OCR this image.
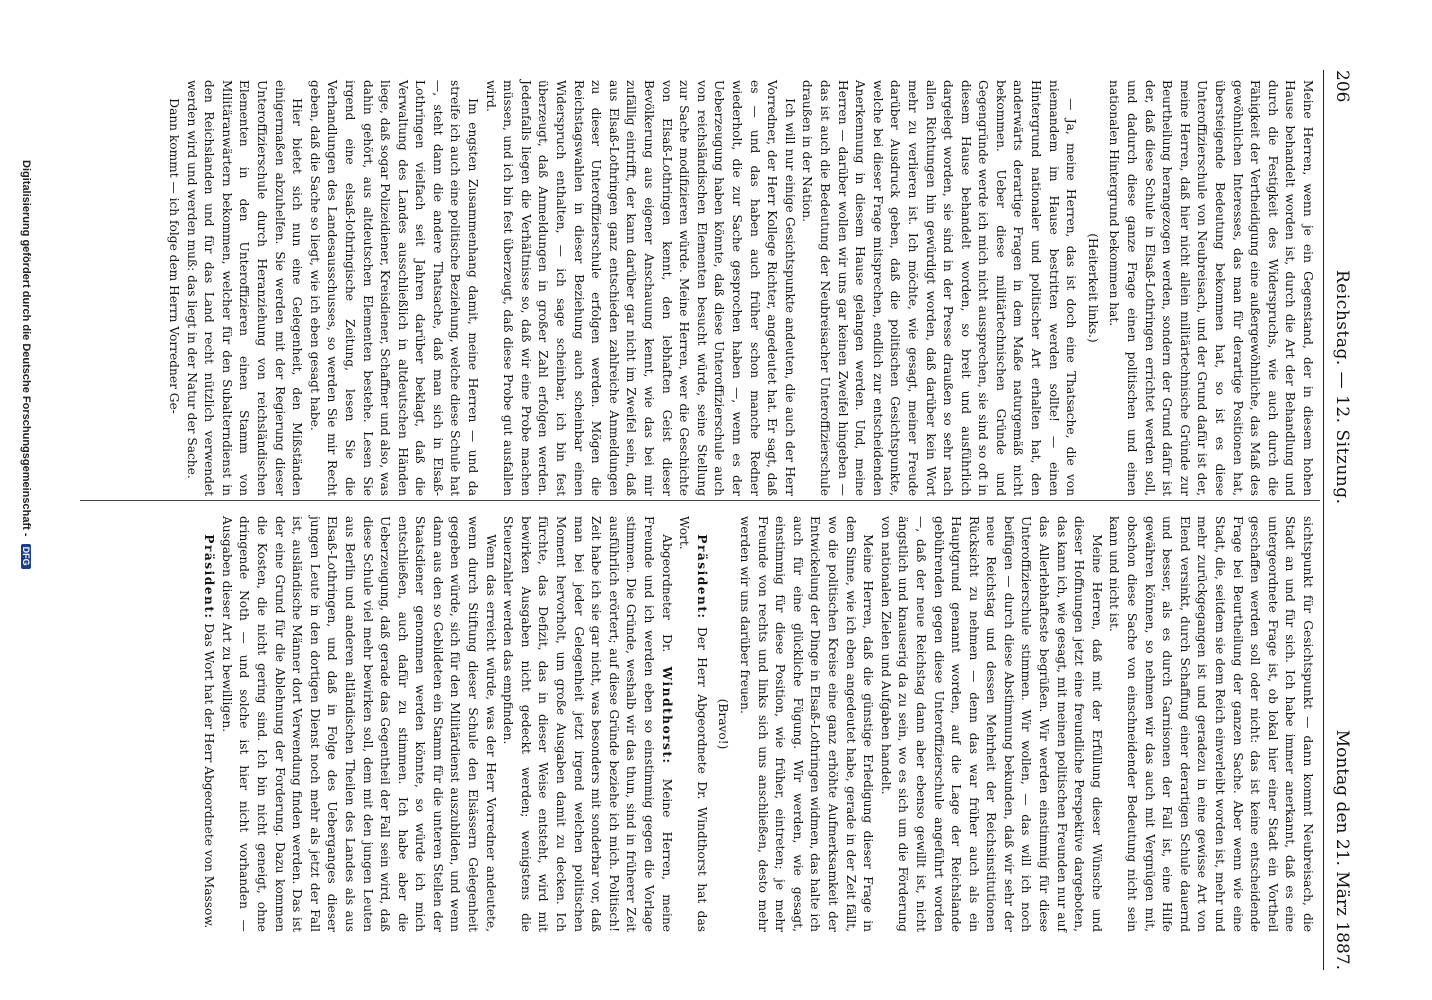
206
Reichstag. — 12. Sitzung.
Montag den 21. März 1887.

Meine Herren, wenn je ein Gegenstand, der in diesem hohen Hause behandelt worden ist, durch die Art der Behandlung und durch die Festigkeit des Widerspruchs, wie auch durch die Fähigkeit der Vertheidigung eine außergewöhnliche, das Maß des gewöhnlichen Interesses, das man für derartige Positionen hat, übersteigende Bedeutung bekommen hat, so ist es diese Unteroffizierschule von Neubreisach, und der Grund dafür ist der, meine Herren, daß hier nicht allein militärtechnische Gründe zur Beurtheilung herangezogen werden, sondern der Grund dafür ist der, daß diese Schule in Elsaß-Lothringen errichtet werden soll, und dadurch diese ganze Frage einen politischen und einen nationalen Hintergrund bekommen hat.

(Heiterkeit links.)

— Ja, meine Herren, das ist doch eine Thatsache, die von niemandem im Hause bestritten werden sollte! — einen Hintergrund nationaler und politischer Art erhalten hat, den anderwärts derartige Fragen in dem Maße naturgemäß nicht bekommen. Ueber diese militärtechnischen Gründe und Gegengründe werde ich mich nicht aussprechen, sie sind so oft in diesem Hause behandelt worden, so breit und ausführlich dargelegt worden, sie sind in der Presse draußen so sehr nach allen Richtungen hin gewürdigt worden, daß darüber kein Wort mehr zu verlieren ist. Ich möchte, wie gesagt, meiner Freude darüber Ausdruck geben, daß die politischen Gesichtspunkte, welche bei dieser Frage mitsprechen, endlich zur entscheidenden Anerkennung in diesem Hause gelangen werden. Und, meine Herren — darüber wollen wir uns gar keinen Zweifel hingeben — das ist auch die Bedeutung der Neubreisacher Unteroffizierschule draußen in der Nation.

Ich will nur einige Gesichtspunkte andeuten, die auch der Herr Vorredner, der Herr Kollege Richter, angedeutet hat. Er sagt, daß es — und das haben auch früher schon manche Redner wiederholt, die zur Sache gesprochen haben —, wenn es der Ueberzeugung haben könnte, daß diese Unteroffizierschule auch von reichsländischen Elementen besucht würde, seine Stellung zur Sache modifizieren würde. Meine Herren, wer die Geschichte von Elsaß-Lothringen kennt, den lebhaften Geist dieser Bevölkerung aus eigener Anschauung kennt, wie das bei mir zufällig eintrifft, der kann darüber gar nicht im Zweifel sein, daß aus Elsaß-Lothringen ganz entschieden zahlreiche Anmeldungen zu dieser Unteroffizierschule erfolgen werden. Mögen die Reichstagswahlen in dieser Beziehung auch scheinbar einen Widerspruch enthalten, — ich sage scheinbar, ich bin fest überzeugt, daß Anmeldungen in großer Zahl erfolgen werden. Jedenfalls liegen die Verhältnisse so, daß wir eine Probe machen müssen, und ich bin fest überzeugt, daß diese Probe gut ausfallen wird.

Im engsten Zusammenhang damit, meine Herren — und da streife ich auch eine politische Beziehung, welche diese Schule hat —, steht dann die andere Thatsache, daß man sich in Elsaß-Lothringen vielfach seit Jahren darüber beklagt, daß die Verwaltung des Landes ausschließlich in altdeutschen Händen liege, daß sogar Polizeidiener, Kreisdiener, Schaffner und also, was dahin gehört, aus altdeutschen Elementen bestehe. Lesen Sie irgend eine elsaß-lothringische Zeitung, lesen Sie die Verhandlungen des Landesausschusses, so werden Sie mir Recht geben, daß die Sache so liegt, wie ich eben gesagt habe.

Hier bietet sich nun eine Gelegenheit, den Mißständen einigermaßen abzuhelfen. Sie werden mit der Regierung dieser Unteroffizierschule durch Heranziehung von reichsländischen Elementen in den Unteroffizieren einen Stamm von Militäranwärtern bekommen, welcher für den Subalterndienst in den Reichslanden und für das Land recht nützlich verwendet werden wird und werden muß: das liegt in der Natur der Sache.

Dann kommt — ich folge dem Herrn Vorredner Ge-

sichtspunkt für Gesichtspunkt — dann kommt Neubreisach, die Stadt an und für sich. Ich habe immer anerkannt, daß es eine untergeordnete Frage ist, ob lokal hier einer Stadt ein Vortheil geschaffen werden soll oder nicht: das ist keine entscheidende Frage bei Beurtheilung der ganzen Sache. Aber wenn wie eine Stadt, die, seitdem sie dem Reich einverleibt worden ist, mehr und mehr zurückgegangen ist und geradezu in eine gewisse Art von Elend versinkt, durch Schaffung einer derartigen Schule dauernd und besser, als es durch Garnisonen der Fall ist, eine Hilfe gewähren können, so nehmen wir das auch mit Vergnügen mit, obschon diese Sache von einschneidender Bedeutung nicht sein kann und nicht ist.

Meine Herren, daß mit der Erfüllung dieser Wünsche und dieser Hoffnungen jetzt eine freundliche Perspektive dargeboten, das kann ich, wie gesagt, mit meinen politischen Freunden nur auf das Allerlebhafteste begrüßen. Wir werden einstimmig für diese Unteroffizierschule stimmen. Wir wollen, — das will ich noch beifügen — durch diese Abstimmung bekunden, daß wir sehr der neue Reichstag und dessen Mehrheit der Reichsinstitutionen Rücksicht zu nehmen — denn das war früher auch als ein Hauptgrund genannt worden, auf die Lage der Reichslande gebührenden gegen diese Unteroffizierschule angeführt worden —, daß der neue Reichstag dann aber ebenso gewillt ist, nicht ängstlich und knauserig da zu sein, wo es sich um die Förderung von nationalen Zielen und Aufgaben handelt.

Meine Herren, daß die günstige Erledigung dieser Frage in dem Sinne, wie ich eben angedeutet habe, gerade in der Zeit fällt, wo die politischen Kreise eine ganz erhöhte Aufmerksamkeit der Entwickelung der Dinge in Elsaß-Lothringen widmen, das halte ich auch für eine glückliche Fügung. Wir werden, wie gesagt, einstimmig für diese Position, wie früher, eintreten; je mehr Freunde von rechts und links sich uns anschließen, desto mehr werden wir uns darüber freuen.

(Bravo!)

Präsident: Der Herr Abgeordnete Dr. Windthorst hat das Wort.

Abgeordneter Dr. Windthorst: Meine Herren, meine Freunde und ich werden eben so einstimmig gegen die Vorlage stimmen. Die Gründe, weshalb wir das thun, sind in früherer Zeit ausführlich erörtert; auf diese Gründe beziehe ich mich. Politisch! Zeit habe ich sie gar nicht, was besonders mit sonderbar vor, daß man bei jeder Gelegenheit jetzt irgend welchen politischen Moment hervorholt, um große Ausgaben damit zu decken. Ich fürchte, das Defizit, das in dieser Weise entsteht, wird mit bewirken Ausgaben nicht gedeckt werden; wenigstens die Steuerzahler werden das empfinden.

Wenn das erreicht würde, was der Herr Vorredner andeutete, wenn durch Stiftung dieser Schule den Elsässern Gelegenheit gegeben würde, sich für den Militärdienst auszubilden, und wenn dann aus den so Gebildeten ein Stamm für die unteren Stellen der Staatsdiener genommen werden könnte, so würde ich mich entschließen, auch dafür zu stimmen. Ich habe aber die Ueberzeugung, daß gerade das Gegentheil der Fall sein wird, daß diese Schule viel mehr bewirken soll, dem mit den jungen Leuten aus Berlin und anderen altländischen Theilen des Landes als aus Elsaß-Lothringen, und daß in Folge des Ueberganges dieser jungen Leute in den dortigen Dienst noch mehr als jetzt der Fall ist, ausländische Männer dort Verwendung finden werden. Das ist der eine Grund für die Ablehnung der Forderung. Dazu kommen die Kosten, die nicht gering sind. Ich bin nicht geneigt, ohne dringende Noth — und solche ist hier nicht vorhanden — Ausgaben dieser Art zu bewilligen.

Präsident: Das Wort hat der Herr Abgeordnete von Massow.

Digitalisierung gefördert durch die Deutsche Forschungsgemeinschaft - DFG
